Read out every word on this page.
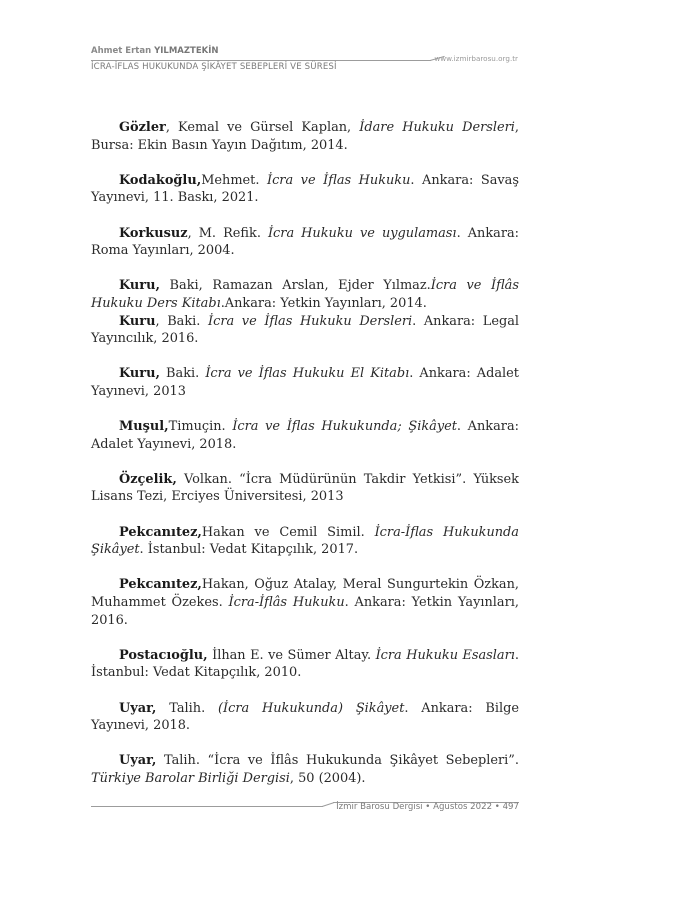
Ahmet Ertan YILMAZTEKİN
İCRA-İFLAS HUKUKUNDA ŞİKÂYET SEBEPLERİ VE SÜRESİ
www.izmirbarosu.org.tr

Gözler, Kemal ve Gürsel Kaplan, İdare Hukuku Dersleri, Bursa: Ekin Basın Yayın Dağıtım, 2014.

Kodakoğlu,Mehmet. İcra ve İflas Hukuku. Ankara: Savaş Yayınevi, 11. Baskı, 2021.

Korkusuz, M. Refik. İcra Hukuku ve uygulaması. Ankara: Roma Yayınları, 2004.

Kuru, Baki, Ramazan Arslan, Ejder Yılmaz.İcra ve İflâs Hukuku Ders Kitabı.Ankara: Yetkin Yayınları, 2014.

Kuru, Baki. İcra ve İflas Hukuku Dersleri. Ankara: Legal Yayıncılık, 2016.

Kuru, Baki. İcra ve İflas Hukuku El Kitabı. Ankara: Adalet Yayınevi, 2013

Muşul,Timuçin. İcra ve İflas Hukukunda; Şikâyet. Ankara: Adalet Yayınevi, 2018.

Özçelik, Volkan. “İcra Müdürünün Takdir Yetkisi”. Yüksek Lisans Tezi, Erciyes Üniversitesi, 2013

Pekcanıtez,Hakan ve Cemil Simil. İcra-İflas Hukukunda Şikâyet. İstanbul: Vedat Kitapçılık, 2017.

Pekcanıtez,Hakan, Oğuz Atalay, Meral Sungurtekin Özkan, Muhammet Özekes. İcra-İflâs Hukuku. Ankara: Yetkin Yayınları, 2016.

Postacıoğlu, İlhan E. ve Sümer Altay. İcra Hukuku Esasları. İstanbul: Vedat Kitapçılık, 2010.

Uyar, Talih. (İcra Hukukunda) Şikâyet. Ankara: Bilge Yayınevi, 2018.

Uyar, Talih. “İcra ve İflâs Hukukunda Şikâyet Sebepleri”. Türkiye Barolar Birliği Dergisi, 50 (2004).

İzmir Barosu Dergisi • Ağustos 2022 • 497
